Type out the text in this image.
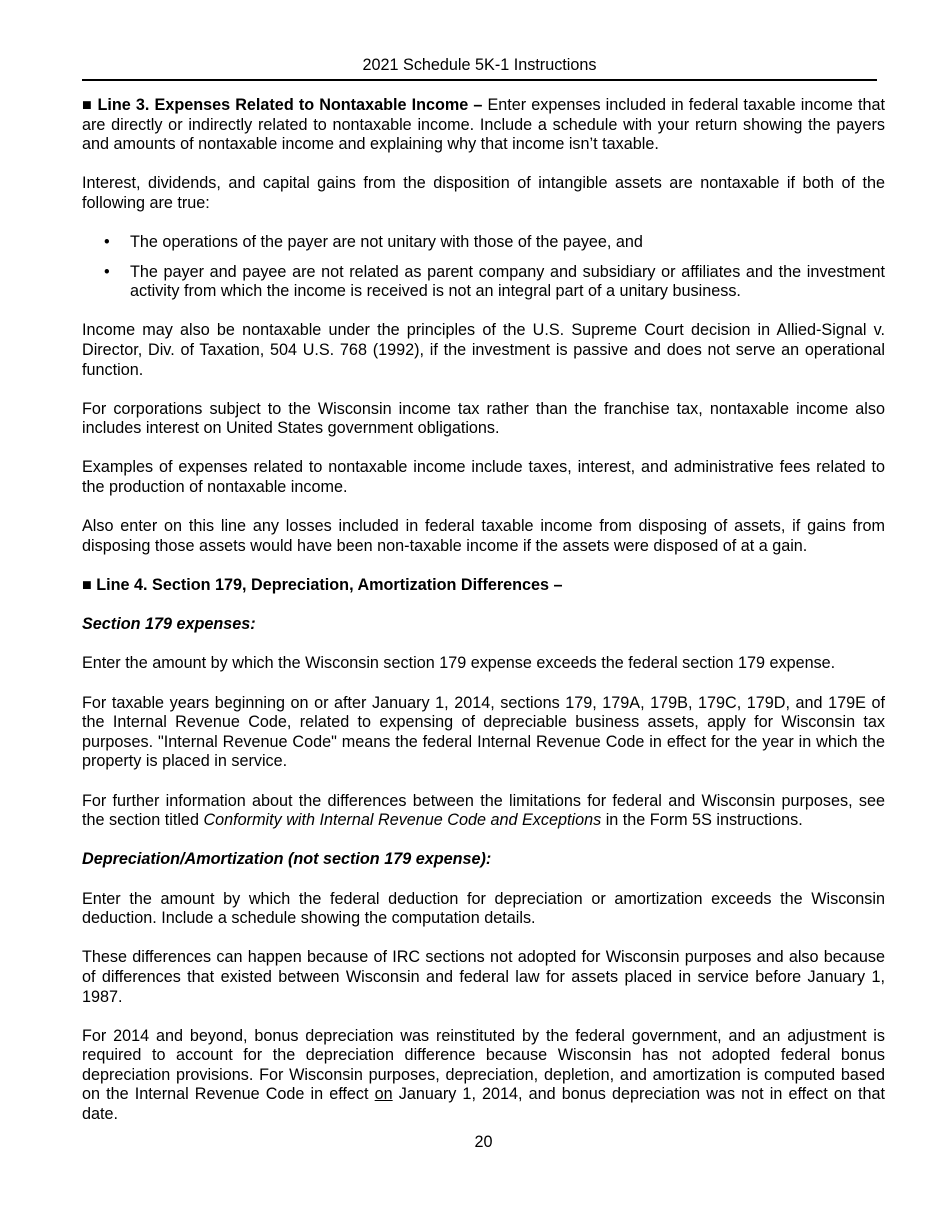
2021 Schedule 5K-1 Instructions

■ Line 3. Expenses Related to Nontaxable Income – Enter expenses included in federal taxable income that are directly or indirectly related to nontaxable income. Include a schedule with your return showing the payers and amounts of nontaxable income and explaining why that income isn’t taxable.

Interest, dividends, and capital gains from the disposition of intangible assets are nontaxable if both of the following are true:

• The operations of the payer are not unitary with those of the payee, and
• The payer and payee are not related as parent company and subsidiary or affiliates and the investment activity from which the income is received is not an integral part of a unitary business.

Income may also be nontaxable under the principles of the U.S. Supreme Court decision in Allied-Signal v. Director, Div. of Taxation, 504 U.S. 768 (1992), if the investment is passive and does not serve an operational function.

For corporations subject to the Wisconsin income tax rather than the franchise tax, nontaxable income also includes interest on United States government obligations.

Examples of expenses related to nontaxable income include taxes, interest, and administrative fees related to the production of nontaxable income.

Also enter on this line any losses included in federal taxable income from disposing of assets, if gains from disposing those assets would have been non-taxable income if the assets were disposed of at a gain.

■ Line 4. Section 179, Depreciation, Amortization Differences –

Section 179 expenses:

Enter the amount by which the Wisconsin section 179 expense exceeds the federal section 179 expense.

For taxable years beginning on or after January 1, 2014, sections 179, 179A, 179B, 179C, 179D, and 179E of the Internal Revenue Code, related to expensing of depreciable business assets, apply for Wisconsin tax purposes. "Internal Revenue Code" means the federal Internal Revenue Code in effect for the year in which the property is placed in service.

For further information about the differences between the limitations for federal and Wisconsin purposes, see the section titled Conformity with Internal Revenue Code and Exceptions in the Form 5S instructions.

Depreciation/Amortization (not section 179 expense):

Enter the amount by which the federal deduction for depreciation or amortization exceeds the Wisconsin deduction. Include a schedule showing the computation details.

These differences can happen because of IRC sections not adopted for Wisconsin purposes and also because of differences that existed between Wisconsin and federal law for assets placed in service before January 1, 1987.

For 2014 and beyond, bonus depreciation was reinstituted by the federal government, and an adjustment is required to account for the depreciation difference because Wisconsin has not adopted federal bonus depreciation provisions. For Wisconsin purposes, depreciation, depletion, and amortization is computed based on the Internal Revenue Code in effect on January 1, 2014, and bonus depreciation was not in effect on that date.

20
